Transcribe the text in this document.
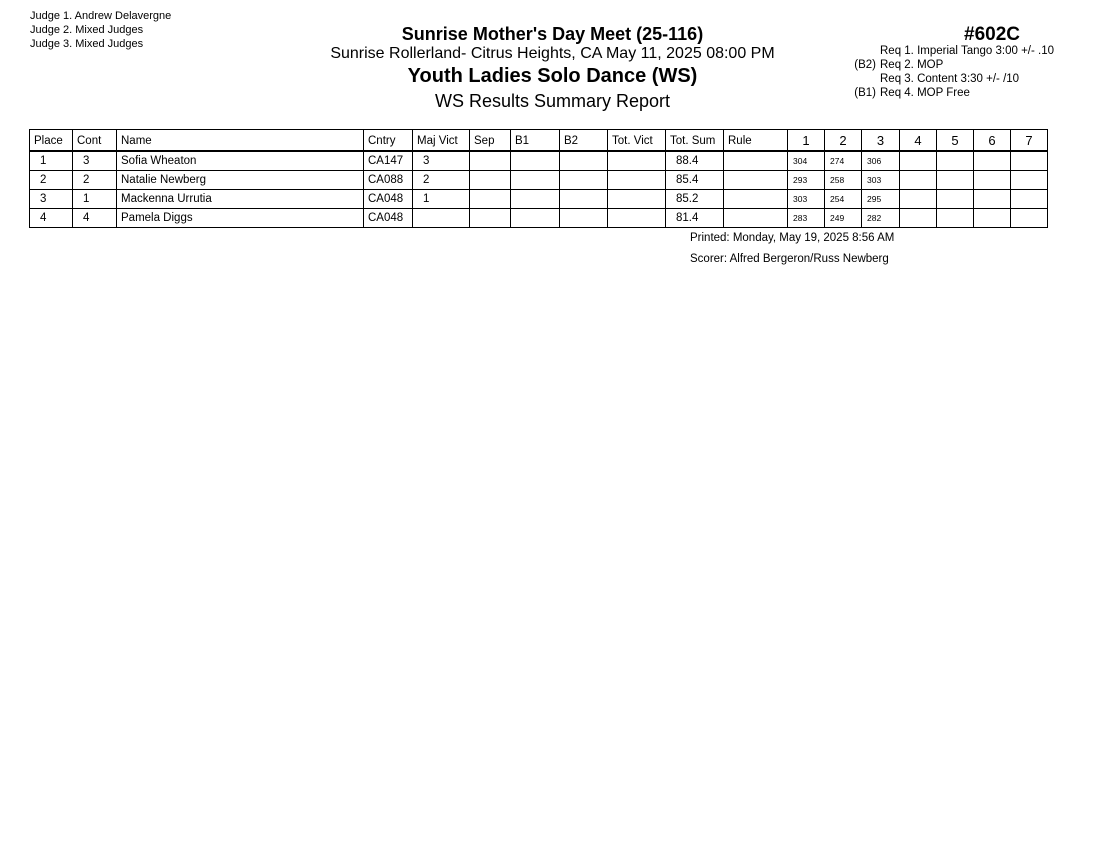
Judge 1. Andrew Delavergne
Judge 2. Mixed Judges
Judge 3. Mixed Judges	Sunrise Mother's Day Meet (25-116)
Sunrise Rollerland- Citrus Heights, CA May 11, 2025 08:00 PM
Youth Ladies Solo Dance (WS)
WS Results Summary Report
#602C
Req 1. Imperial Tango 3:00 +/- .10
(B2) Req 2. MOP
Req 3. Content 3:30 +/- /10
(B1) Req 4. MOP Free
Place	Cont	Name	Cntry	Maj Vict	Sep	B1	B2	Tot. Vict	Tot. Sum	Rule	1	2	3	4	5	6	7
1	3	Sofia Wheaton	CA147	3					88.4		304	274	306				
2	2	Natalie Newberg	CA088	2					85.4		293	258	303				
3	1	Mackenna Urrutia	CA048	1					85.2		303	254	295				
4	4	Pamela Diggs	CA048						81.4		283	249	282				
Printed: Monday, May 19, 2025 8:56 AM
Scorer: Alfred Bergeron/Russ Newberg
